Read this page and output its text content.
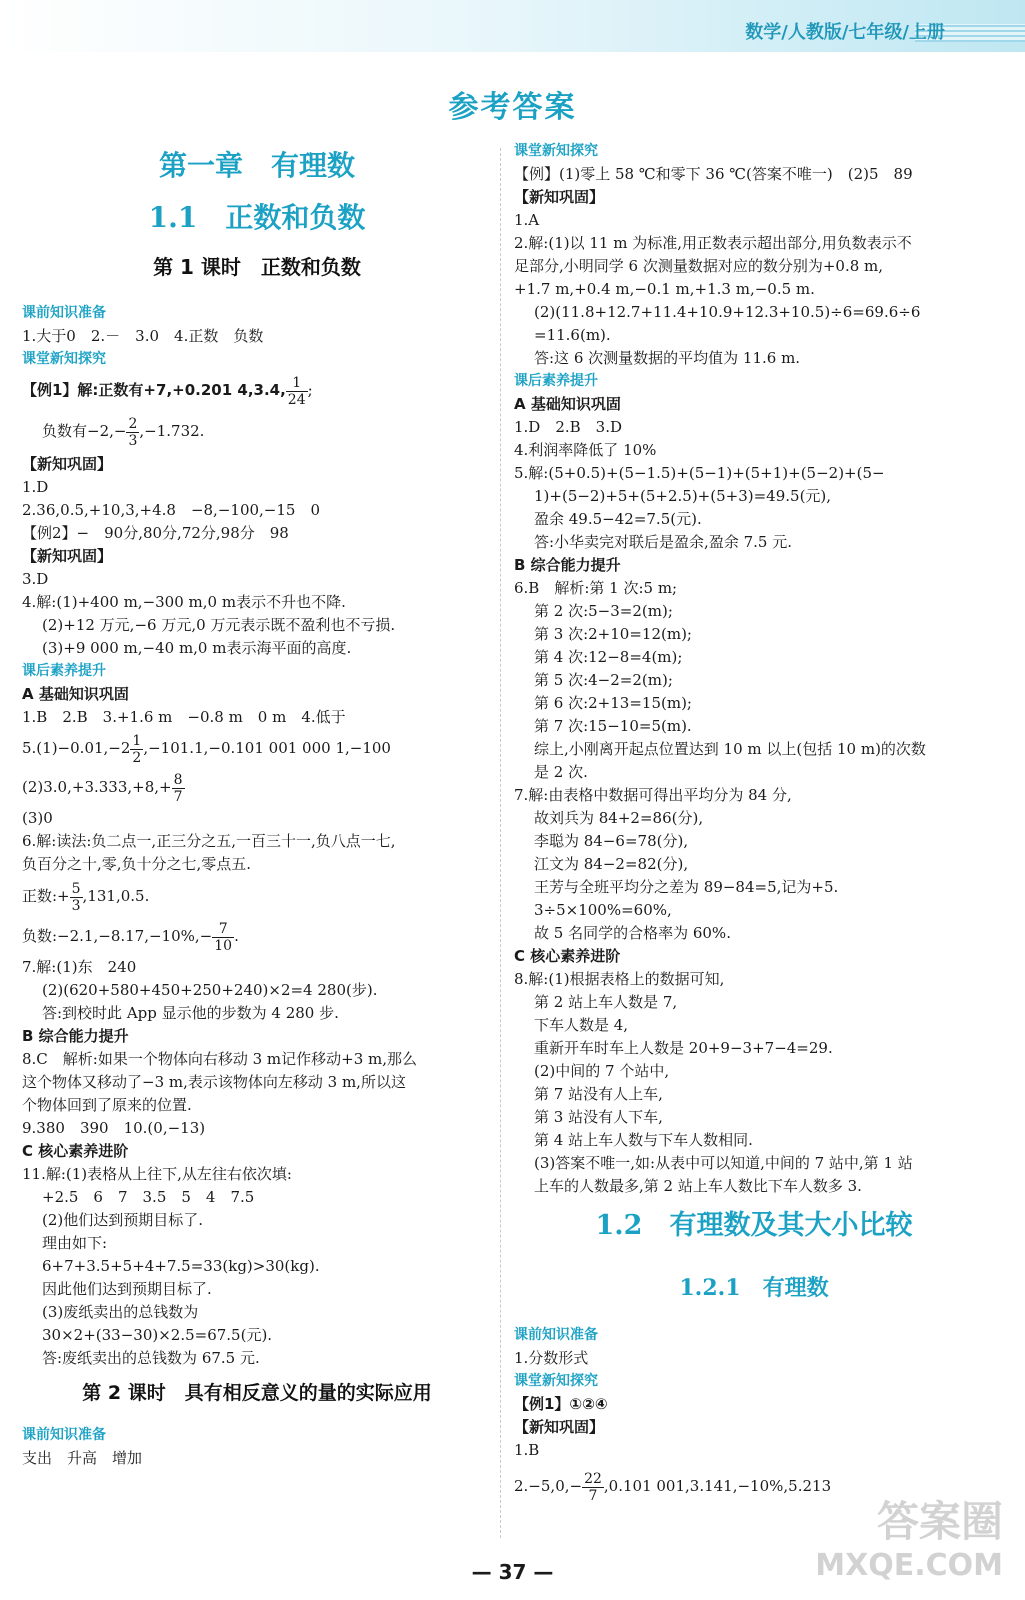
数学/人教版/七年级/上册
参考答案
第一章　有理数
1.1　正数和负数
第 1 课时　正数和负数
课前知识准备
1.大于0　2.－　3.0　4.正数　负数
课堂新知探究
【例1】解:正数有+7,+0.201 4,3.4, $\frac{1}{24}$ ;
负数有$-2,- \frac{2}{3} ,-1.732$.
【新知巩固】
1.D
2.36,0.5,+10,3,+4.8　−8,−100,−15　0
【例2】−　90分,80分,72分,98分　98
【新知巩固】
3.D
4.解:(1)+400 m,−300 m,0 m表示不升也不降.
(2)+12 万元,−6 万元,0 万元表示既不盈利也不亏损.
(3)+9 000 m,−40 m,0 m表示海平面的高度.
课后素养提升
A 基础知识巩固
1.B　2.B　3.+1.6 m　−0.8 m　0 m　4.低于
$5.(1)-0.01,-2 \frac{1}{2} ,-101.1,-0.101$ 001 000 1,−100
$(2)3.0,+3.333,+8,+ \frac{8}{7}$
(3)0
6.解:读法:负二点一,正三分之五,一百三十一,负八点一七,
负百分之十,零,负十分之七,零点五.
正数:+ $\frac{5}{3} ,131,0.5$.
负数:−2.1,−8.17,−10%,− $\frac{7}{10}$ .
7.解:(1)东　240
(2)(620+580+450+250+240)×2=4 280(步).
答:到校时此 App 显示他的步数为 4 280 步.
B 综合能力提升
8.C　解析:如果一个物体向右移动 3 m记作移动+3 m,那么
这个物体又移动了−3 m,表示该物体向左移动 3 m,所以这
个物体回到了原来的位置.
9.380　390　10.(0,−13)
C 核心素养进阶
11.解:(1)表格从上往下,从左往右依次填:
+2.5　6　7　3.5　5　4　7.5
(2)他们达到预期目标了.
理由如下:
6+7+3.5+5+4+7.5=33(kg)>30(kg).
因此他们达到预期目标了.
(3)废纸卖出的总钱数为
30×2+(33−30)×2.5=67.5(元).
答:废纸卖出的总钱数为 67.5 元.
第 2 课时　具有相反意义的量的实际应用
课前知识准备
支出　升高　增加
课堂新知探究
【例】(1)零上 58 ℃和零下 36 ℃(答案不唯一)　(2)5　89
【新知巩固】
1.A
2.解:(1)以 11 m 为标准,用正数表示超出部分,用负数表示不
足部分,小明同学 6 次测量数据对应的数分别为+0.8 m,
+1.7 m,+0.4 m,−0.1 m,+1.3 m,−0.5 m.
(2)(11.8+12.7+11.4+10.9+12.3+10.5)÷6=69.6÷6
=11.6(m).
答:这 6 次测量数据的平均值为 11.6 m.
课后素养提升
A 基础知识巩固
1.D　2.B　3.D
4.利润率降低了 10%
5.解:(5+0.5)+(5−1.5)+(5−1)+(5+1)+(5−2)+(5−
1)+(5−2)+5+(5+2.5)+(5+3)=49.5(元),
盈余 49.5−42=7.5(元).
答:小华卖完对联后是盈余,盈余 7.5 元.
B 综合能力提升
6.B　解析:第 1 次:5 m;
第 2 次:5−3=2(m);
第 3 次:2+10=12(m);
第 4 次:12−8=4(m);
第 5 次:4−2=2(m);
第 6 次:2+13=15(m);
第 7 次:15−10=5(m).
综上,小刚离开起点位置达到 10 m 以上(包括 10 m)的次数
是 2 次.
7.解:由表格中数据可得出平均分为 84 分,
故刘兵为 84+2=86(分),
李聪为 84−6=78(分),
江文为 84−2=82(分),
王芳与全班平均分之差为 89−84=5,记为+5.
3÷5×100%=60%,
故 5 名同学的合格率为 60%.
C 核心素养进阶
8.解:(1)根据表格上的数据可知,
第 2 站上车人数是 7,
下车人数是 4,
重新开车时车上人数是 20+9−3+7−4=29.
(2)中间的 7 个站中,
第 7 站没有人上车,
第 3 站没有人下车,
第 4 站上车人数与下车人数相同.
(3)答案不唯一,如:从表中可以知道,中间的 7 站中,第 1 站
上车的人数最多,第 2 站上车人数比下车人数多 3.
1.2　有理数及其大小比较
1.2.1　有理数
课前知识准备
1.分数形式
课堂新知探究
【例1】①②④
【新知巩固】
1.B
$2.-5,0,- \frac{22}{7} ,0.101$ 001,3.141,−10%,5.213
答案圈
MXQE.COM
— 37 —
